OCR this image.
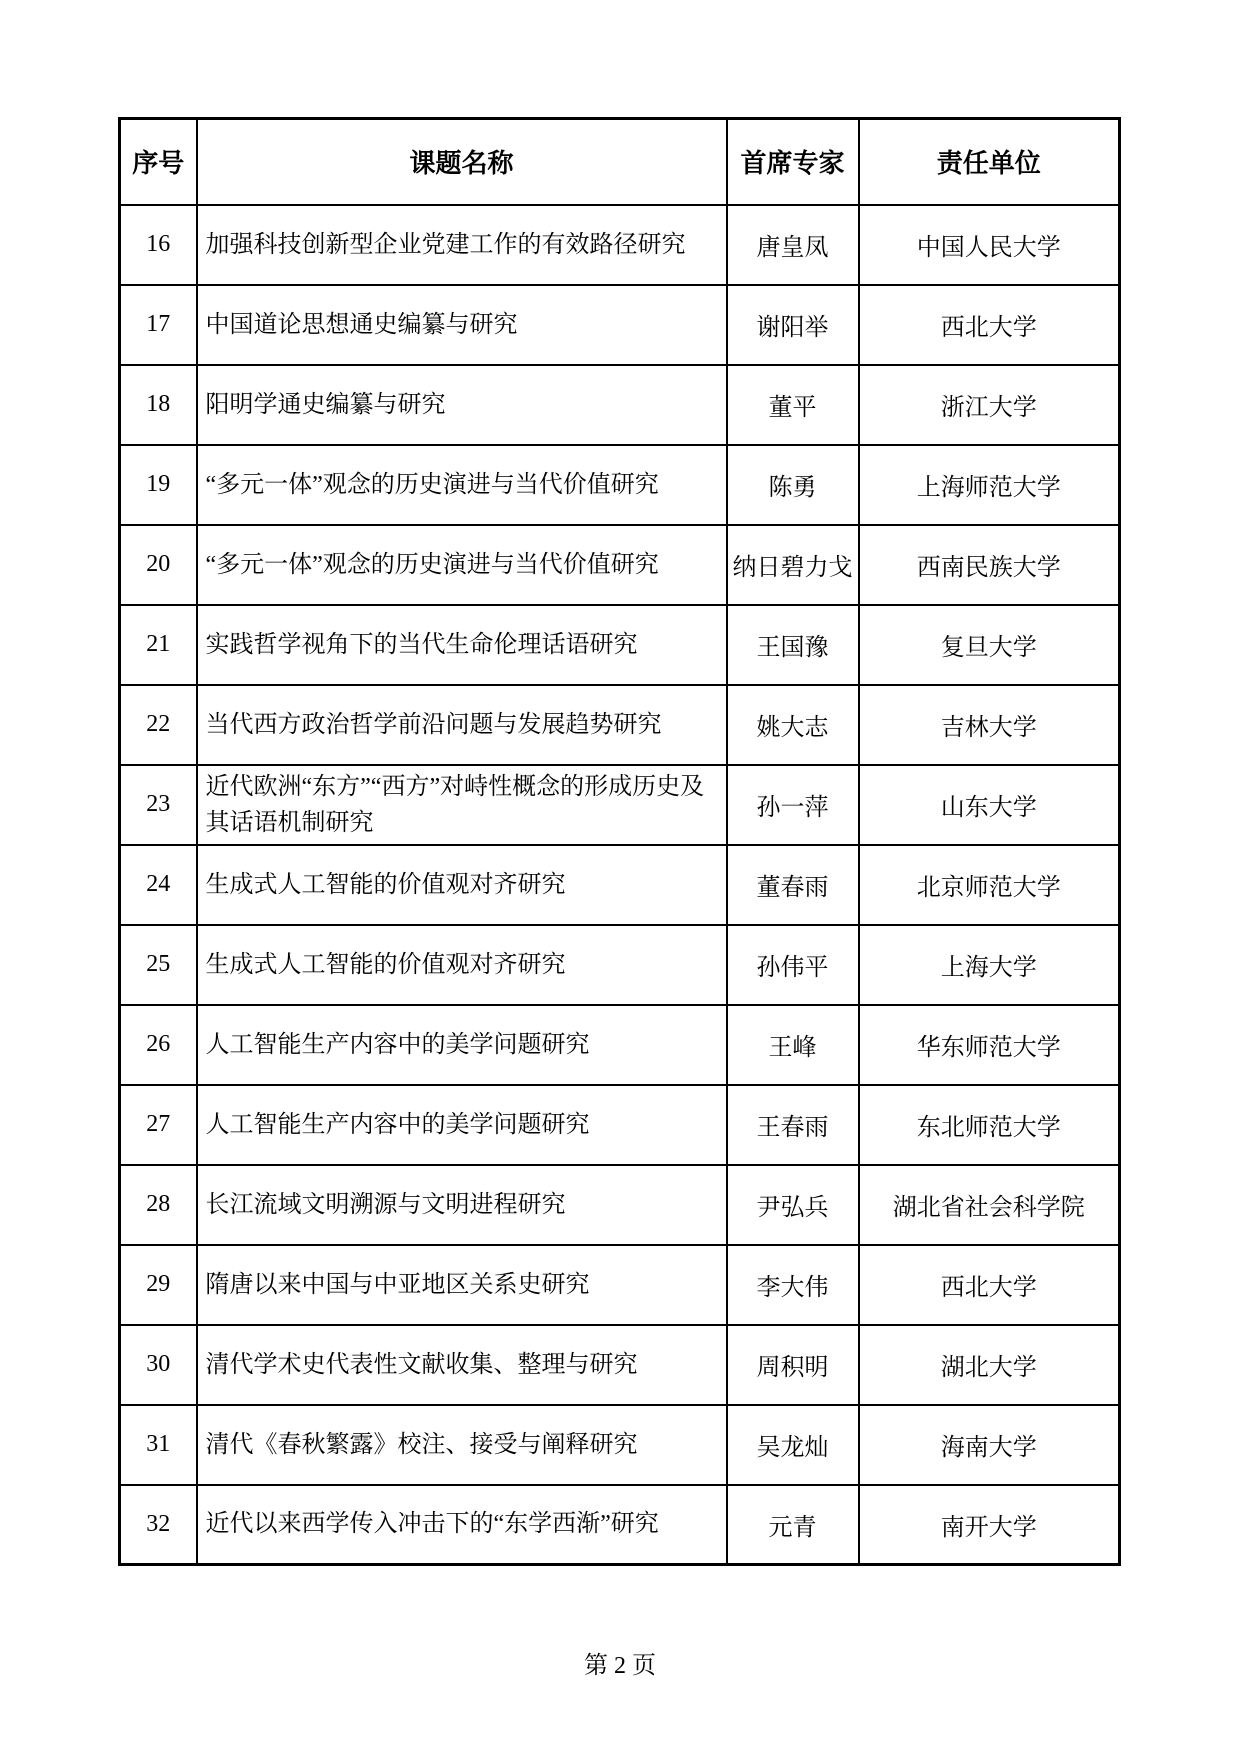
序号	课题名称	首席专家	责任单位
16	加强科技创新型企业党建工作的有效路径研究	唐皇凤	中国人民大学
17	中国道论思想通史编纂与研究	谢阳举	西北大学
18	阳明学通史编纂与研究	董平	浙江大学
19	“多元一体”观念的历史演进与当代价值研究	陈勇	上海师范大学
20	“多元一体”观念的历史演进与当代价值研究	纳日碧力戈	西南民族大学
21	实践哲学视角下的当代生命伦理话语研究	王国豫	复旦大学
22	当代西方政治哲学前沿问题与发展趋势研究	姚大志	吉林大学
23	近代欧洲“东方”“西方”对峙性概念的形成历史及其话语机制研究	孙一萍	山东大学
24	生成式人工智能的价值观对齐研究	董春雨	北京师范大学
25	生成式人工智能的价值观对齐研究	孙伟平	上海大学
26	人工智能生产内容中的美学问题研究	王峰	华东师范大学
27	人工智能生产内容中的美学问题研究	王春雨	东北师范大学
28	长江流域文明溯源与文明进程研究	尹弘兵	湖北省社会科学院
29	隋唐以来中国与中亚地区关系史研究	李大伟	西北大学
30	清代学术史代表性文献收集、整理与研究	周积明	湖北大学
31	清代《春秋繁露》校注、接受与阐释研究	吴龙灿	海南大学
32	近代以来西学传入冲击下的“东学西渐”研究	元青	南开大学
第 2 页
